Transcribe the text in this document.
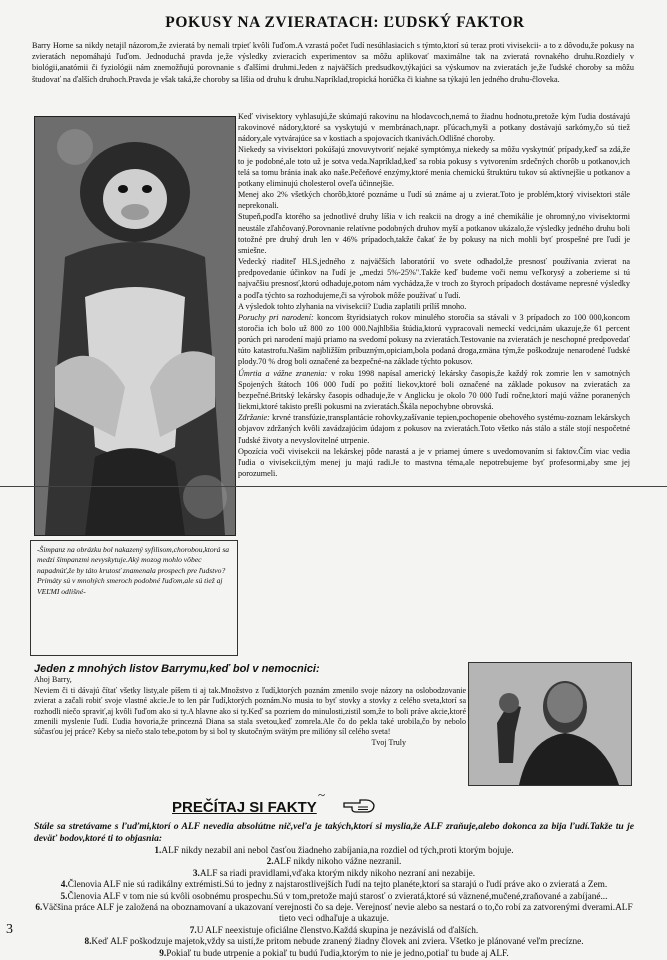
POKUSY NA ZVIERATACH: ĽUDSKÝ FAKTOR
Barry Horne sa nikdy netajil názorom,že zvieratá by nemali trpieť kvôli ľuďom.A vzrastá počet ľudí nesúhlasiacich s týmto,ktorí sú teraz proti vivisekcii- a to z dôvodu,že pokusy na zvieratách nepomáhajú ľuďom. Jednoduchá pravda je,že výsledky zvieracích experimentov sa môžu aplikovať maximálne tak na zvieratá rovnakého druhu.Rozdiely v biológii,anatómii či fyziológii nám znemožňujú porovnanie s ďalšími druhmi.Jeden z najväčších predsudkov,týkajúci sa výskumov na zvieratách je,že ľudské choroby sa môžu študovať na ďalších druhoch.Pravda je však taká,že choroby sa líšia od druhu k druhu.Napríklad,tropická horúčka či kiahne sa týkajú len jedného druhu-človeka.

Keď vivisektory vyhlasujú,že skúmajú rakovinu na hlodavcoch,nemá to žiadnu hodnotu,pretože kým ľudia dostávajú rakovinové nádory,ktoré sa vyskytujú v membránach,napr. pľúcach,myši a potkany dostávajú sarkómy,čo sú tiež nádory,ale vytvárajúce sa v kostiach a spojovacích tkanivách.Odlišné choroby.

Niekedy sa vivisektori pokúšajú znovuvytvoriť nejaké symptómy,a niekedy sa môžu vyskytnúť prípady,keď sa zdá,že to je podobné,ale toto už je sotva veda.Napríklad,keď sa robia pokusy s vytvorením srdečných chorôb u potkanov,ich telá sa tomu bránia inak ako naše.Pečeňové enzýmy,ktoré menia chemickú štruktúru tukov sú aktívnejšie u potkanov a potkany eliminujú cholesterol oveľa účinnejšie.

Menej ako 2% všetkých chorôb,ktoré poznáme u ľudí sú známe aj u zvierat.Toto je problém,ktorý vivisektori stále neprekonali.

Stupeň,podľa ktorého sa jednotlivé druhy líšia v ich reakcii na drogy a iné chemikálie je ohromný,no vivisektormi neustále zľahčovaný.Porovnanie relatívne podobných druhov myší a potkanov ukázalo,že výsledky jedného druhu boli totožné pre druhý druh len v 46% prípadoch,takže čakať že by pokusy na nich mohli byť prospešné pre ľudí je smiešne.

Vedecký riaditeľ HLS,jedného z najväčších laboratórií vo svete odhadol,že presnosť používania zvierat na predpovedanie účinkov na ľudí je „medzi 5%-25%".Takže keď budeme voči nemu veľkorysý a zoberieme si tú najvačšiu presnosť,ktorú odhaduje,potom nám vychádza,že v troch zo štyroch prípadoch dostávame nepresné výsledky a podľa týchto sa rozhodujeme,či sa výrobok môže používať u ľudí.

A výsledok tohto zlyhania na vivisekcii? Ľudia zaplatili prílíš mnoho.

Poruchy pri narodení: koncom štyridsiatych rokov minulého storočia sa stávali v 3 prípadoch zo 100 000,koncom storočia ich bolo už 800 zo 100 000.Najhlbšia štúdia,ktorú vypracovali nemeckí vedci,nám ukazuje,že 61 percent porúch pri narodení majú priamo na svedomí pokusy na zvieratách.Testovanie na zvieratách je neschopné predpovedať túto katastrofu.Našim najbližším príbuzným,opiciam,bola podaná droga,zmäna tým,že poškodzuje nenarodené ľudské plody.70 % drog boli označené za bezpečné-na základe týchto pokusov.

Úmrtia a vážne zranenia: v roku 1998 napísal americký lekársky časopis,že každý rok zomrie len v samotných Spojených štátoch 106 000 ľudí po požití liekov,ktoré boli označené na základe pokusov na zvieratách za bezpečné.Britský lekársky časopis odhaduje,že v Anglicku je okolo 70 000 ľudí ročne,ktorí majú vážne poranených liekmi,ktoré takisto prešli pokusmi na zvieratách.Škála nepochybne obrovská.

Zdržanie: krvné transfúzie,transplantácie rohovky,zašívanie tepien,pochopenie obehového systému-zoznam lekárskych objavov zdržaných kvôli zavádzajúcim údajom z pokusov na zvieratách.Toto všetko nás stálo a stále stojí nespočetné ľudské životy a nevyslovitelné utrpenie.

Opozícia voči vivisekcii na lekárskej pôde narastá a je v priamej úmere s uvedomovaním si faktov.Čím viac vedia ľudia o vivisekcii,tým menej ju majú radi.Je to mastvna téma,ale nepotrebujeme byť profesormi,aby sme jej porozumeli.

-Šimpanz na obrázku bol nakazený syfilisom,chorobou,ktorá sa medzi šimpanzmi nevyskytuje.Aký mozog mohlo vôbec napadnúť,že by táto krutosť znamenala prospech pre ľudstvo?Primáty sú v mnohých smeroch podobné ľuďom,ale sú tiež aj VEĽMI odlišné-
Jeden z mnohých listov Barrymu,keď bol v nemocnici:
Ahoj Barry,
Neviem či ti dávajú čítať všetky listy,ale píšem ti aj tak.Množstvo z ľudí,ktorých poznám zmenilo svoje názory na oslobodzovanie zvierat a začali robiť svoje vlastné akcie.Je to len pár ľudí,ktorých poznám.No musia to byť stovky a stovky z celého sveta,ktorí sa rozhodli niečo spraviť,aj kvôli ľuďom ako si ty.A hlavne ako si ty.Keď sa pozriem do minulosti,zistil som,že to boli práve akcie,ktoré zmenili myslenie ľudí. Ľudia hovoria,že princezná Diana sa stala svetou,keď zomrela.Ale čo do pekla také urobila,čo by nebolo súčasťou jej práce? Keby sa niečo stalo tebe,potom by si bol ty skutočným svätým pre milióny síl celého sveta!
Tvoj Truly
~
PREČÍTAJ SI FAKTY
Stále sa stretávame s ľuďmi,ktorí o ALF nevedia absolútne nič,veľa je takých,ktorí si myslia,že ALF zraňuje,alebo dokonca za bija ľudí.Takže tu je deväť bodov,ktoré ti to objasnia:
1.ALF nikdy nezabil ani nebol časťou žiadneho zabíjania,na rozdiel od tých,proti ktorým bojuje.
2.ALF nikdy nikoho vážne nezranil.
3.ALF sa riadi pravidlami,vďaka ktorým nikdy nikoho nezraní ani nezabije.
4.Členovia ALF nie sú radikálny extrémisti.Sú to jedny z najstarostlivejších ľudí na tejto planéte,ktorí sa starajú o ľudí práve ako o zvieratá a Zem.
5.Členovia ALF v tom nie sú kvôli osobnému prospechu.Sú v tom,pretože majú starosť o zvieratá,ktoré sú väznené,mučené,zraňované a zabíjané...
6.Väčšina práce ALF je založená na oboznamovaní a ukazovaní verejnosti čo sa deje. Verejnosť nevie alebo sa nestará o to,čo robí za zatvorenými dverami.ALF tieto veci odhaľuje a ukazuje.
7.U ALF neexistuje oficiálne členstvo.Každá skupina je nezávislá od ďalších.
8.Keď ALF poškodzuje majetok,vždy sa uistí,že pritom nebude zranený žiadny človek ani zviera. Všetko je plánované veľm precízne.
9.Pokiaľ tu bude utrpenie a pokiaľ tu budú ľudia,ktorým to nie je jedno,potiaľ tu bude aj ALF.
3
